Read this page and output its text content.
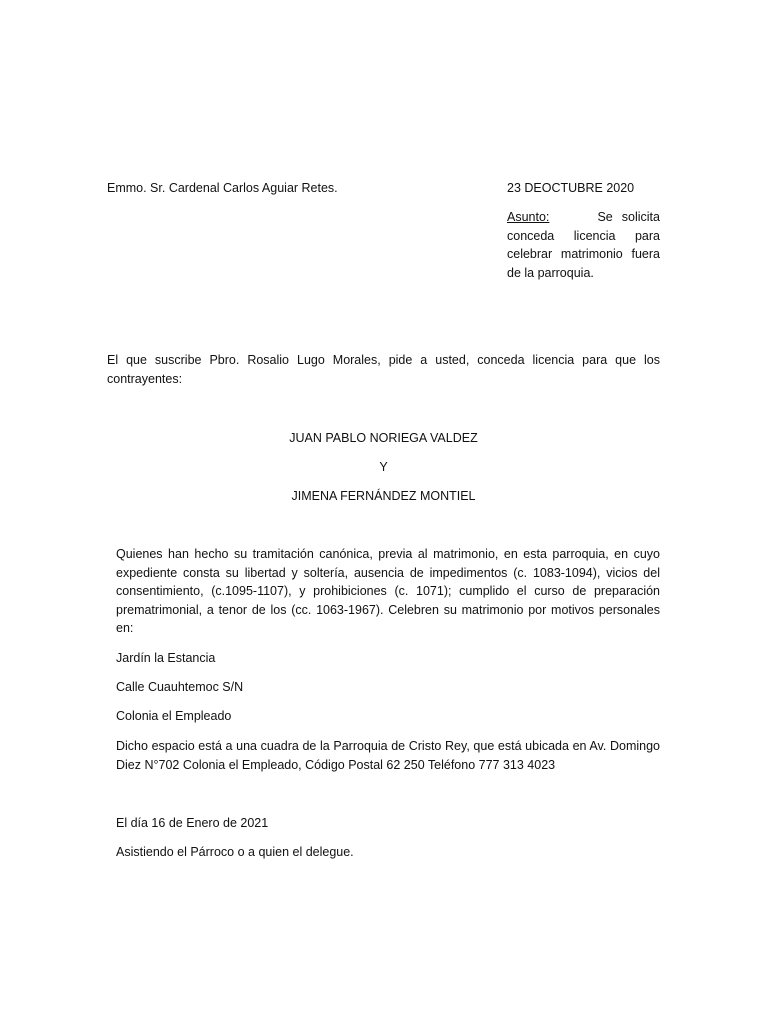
Emmo. Sr. Cardenal Carlos Aguiar Retes.	23 DEOCTUBRE 2020
Asunto:	Se solicita conceda licencia para celebrar matrimonio fuera de la parroquia.
El que suscribe Pbro. Rosalio Lugo Morales, pide a usted, conceda licencia para que los contrayentes:
JUAN PABLO NORIEGA VALDEZ
Y
JIMENA FERNÁNDEZ MONTIEL
Quienes han hecho su tramitación canónica, previa al matrimonio, en esta parroquia, en cuyo expediente consta su libertad y soltería, ausencia de impedimentos (c. 1083-1094), vicios del consentimiento, (c.1095-1107), y prohibiciones (c. 1071); cumplido el curso de preparación prematrimonial, a tenor de los (cc. 1063-1967). Celebren su matrimonio por motivos personales en:
Jardín la Estancia
Calle Cuauhtemoc S/N
Colonia el Empleado
Dicho espacio está a una cuadra de la Parroquia de Cristo Rey, que está ubicada en Av. Domingo Diez N°702 Colonia el Empleado, Código Postal 62 250 Teléfono 777 313 4023
El día 16 de Enero de 2021
Asistiendo el Párroco o a quien el delegue.
